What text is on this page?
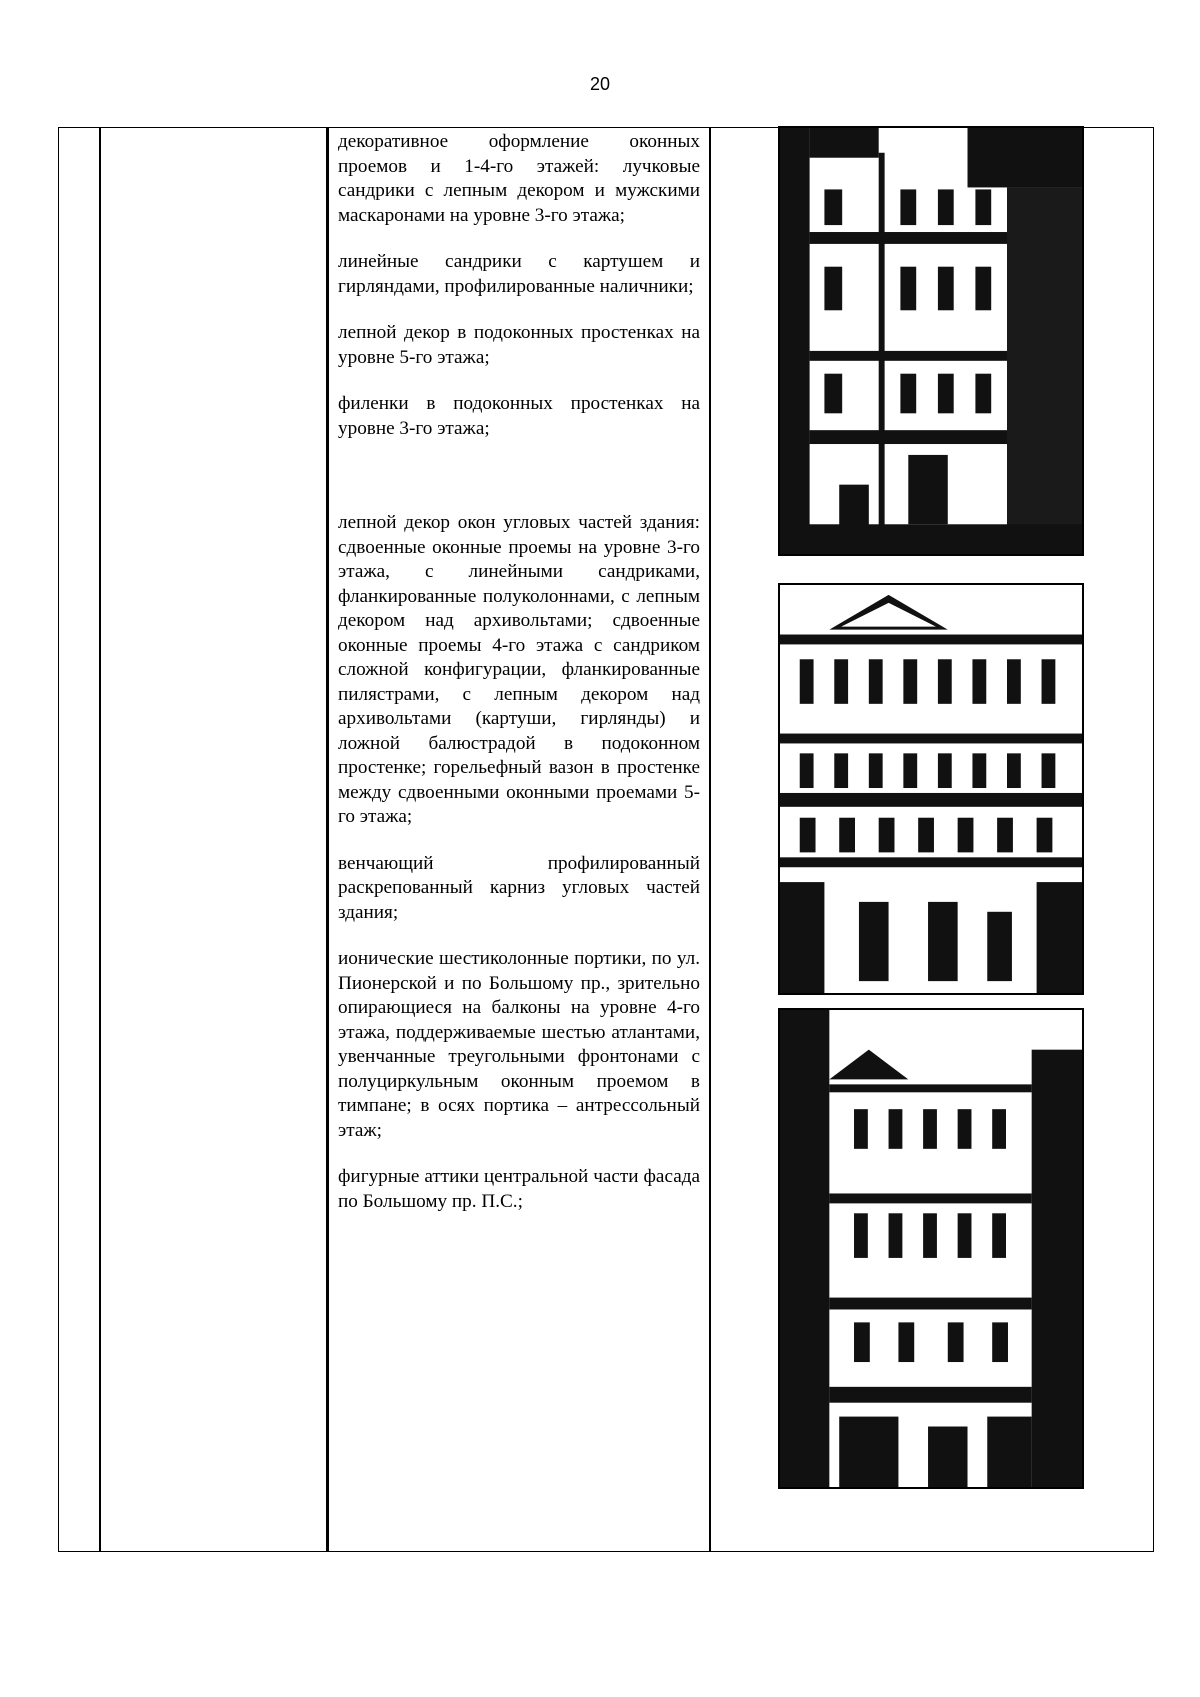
20

декоративное оформление оконных проемов и 1-4-го этажей: лучковые сандрики с лепным декором и мужскими маскаронами на уровне 3-го этажа;

линейные сандрики с картушем и гирляндами, профилированные наличники;

лепной декор в подоконных простенках на уровне 5-го этажа;

филенки в подоконных простенках на уровне 3-го этажа;

лепной декор окон угловых частей здания: сдвоенные оконные проемы на уровне 3-го этажа, с линейными сандриками, фланкированные полуколоннами, с лепным декором над архивольтами; сдвоенные оконные проемы 4-го этажа с сандриком сложной конфигурации, фланкированные пилястрами, с лепным декором над архивольтами (картуши, гирлянды) и ложной балюстрадой в подоконном простенке; горельефный вазон в простенке между сдвоенными оконными проемами 5-го этажа;

венчающий профилированный раскрепованный карниз угловых частей здания;

ионические шестиколонные портики, по ул. Пионерской и по Большому пр., зрительно опирающиеся на балконы на уровне 4-го этажа, поддерживаемые шестью атлантами, увенчанные треугольными фронтонами с полуциркульным оконным проемом в тимпане; в осях портика – антрессольный этаж;

фигурные аттики центральной части фасада по Большому пр. П.С.;
